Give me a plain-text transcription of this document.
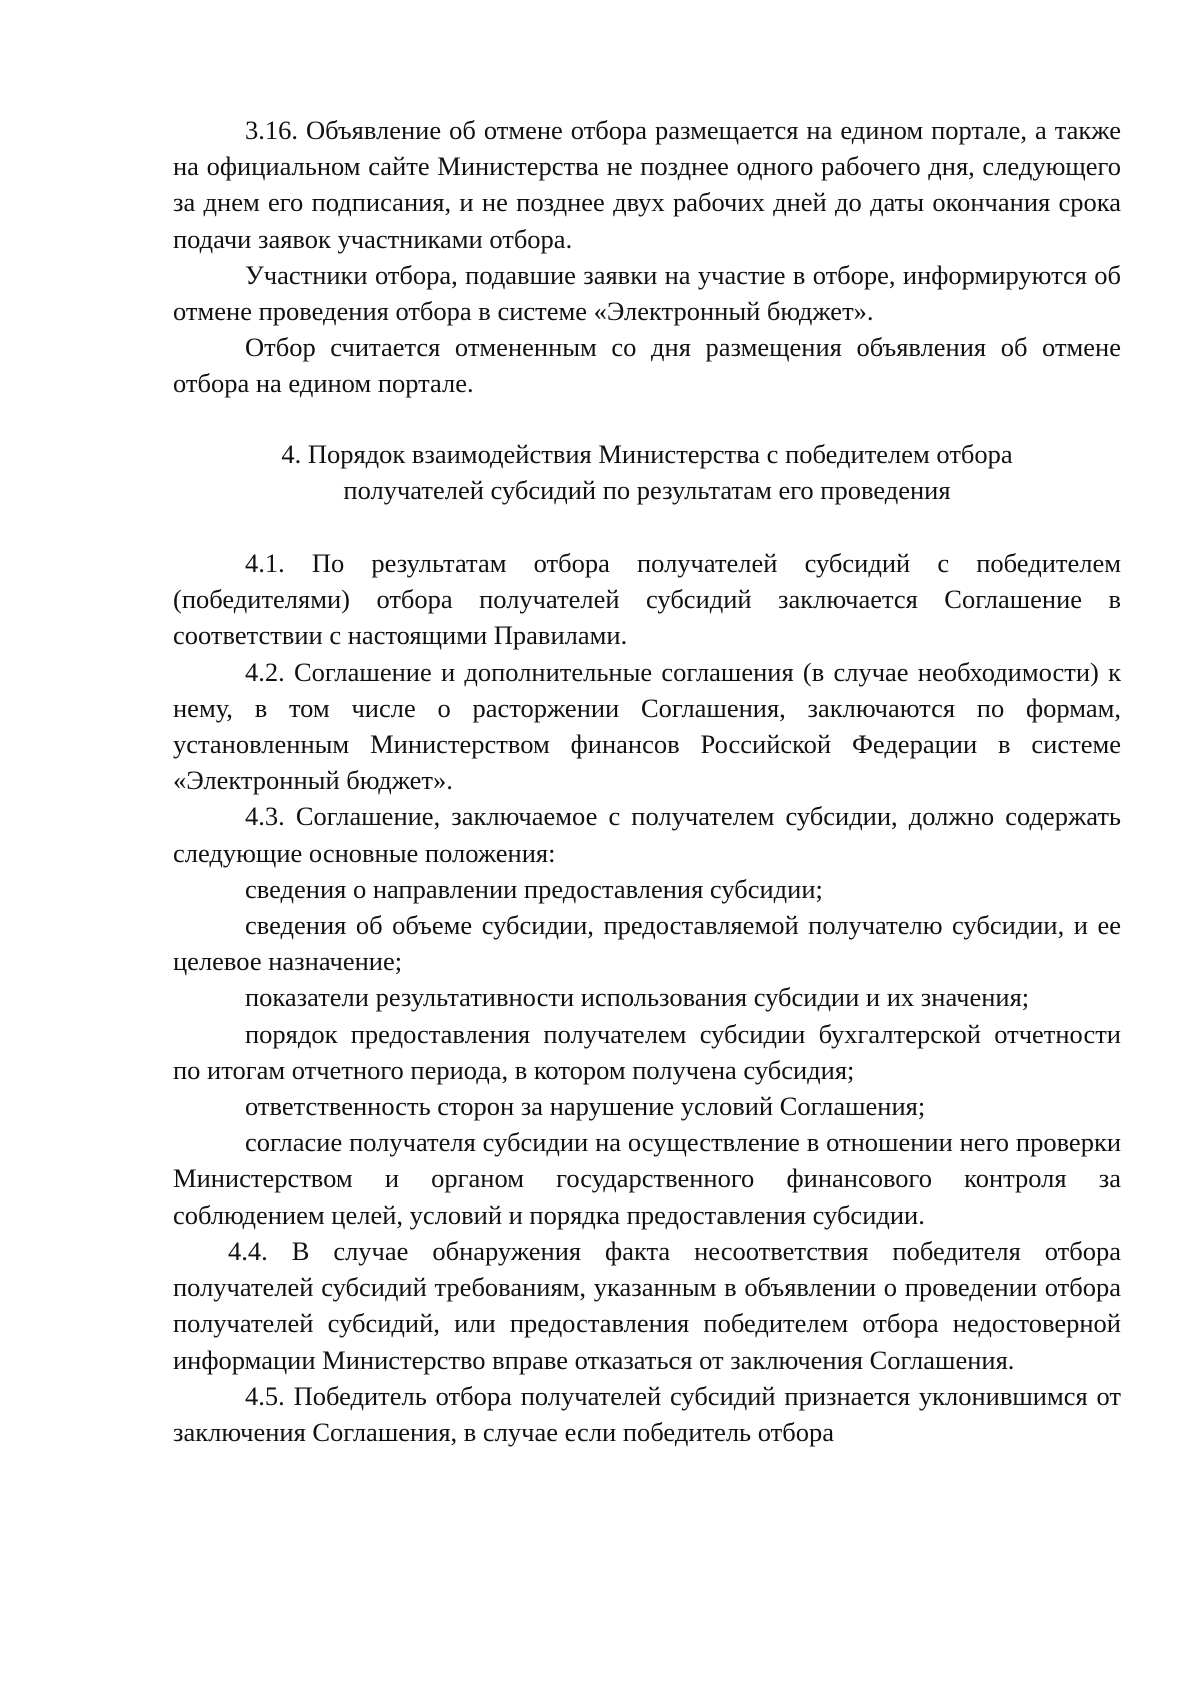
3.16. Объявление об отмене отбора размещается на едином портале, а также на официальном сайте Министерства не позднее одного рабочего дня, следующего за днем его подписания, и не позднее двух рабочих дней до даты окончания срока подачи заявок участниками отбора.

Участники отбора, подавшие заявки на участие в отборе, информируются об отмене проведения отбора в системе «Электронный бюджет».

Отбор считается отмененным со дня размещения объявления об отмене отбора на едином портале.

4. Порядок взаимодействия Министерства с победителем отбора
получателей субсидий по результатам его проведения

4.1. По результатам отбора получателей субсидий с победителем (победителями) отбора получателей субсидий заключается Соглашение в соответствии с настоящими Правилами.

4.2. Соглашение и дополнительные соглашения (в случае необходимости) к нему, в том числе о расторжении Соглашения, заключаются по формам, установленным Министерством финансов Российской Федерации в системе «Электронный бюджет».

4.3. Соглашение, заключаемое с получателем субсидии, должно содержать следующие основные положения:

сведения о направлении предоставления субсидии;

сведения об объеме субсидии, предоставляемой получателю субсидии, и ее целевое назначение;

показатели результативности использования субсидии и их значения;

порядок предоставления получателем субсидии бухгалтерской отчетности по итогам отчетного периода, в котором получена субсидия;

ответственность сторон за нарушение условий Соглашения;

согласие получателя субсидии на осуществление в отношении него проверки Министерством и органом государственного финансового контроля за соблюдением целей, условий и порядка предоставления субсидии.

4.4. В случае обнаружения факта несоответствия победителя отбора получателей субсидий требованиям, указанным в объявлении о проведении отбора получателей субсидий, или предоставления победителем отбора недостоверной информации Министерство вправе отказаться от заключения Соглашения.

4.5. Победитель отбора получателей субсидий признается уклонившимся от заключения Соглашения, в случае если победитель отбора
